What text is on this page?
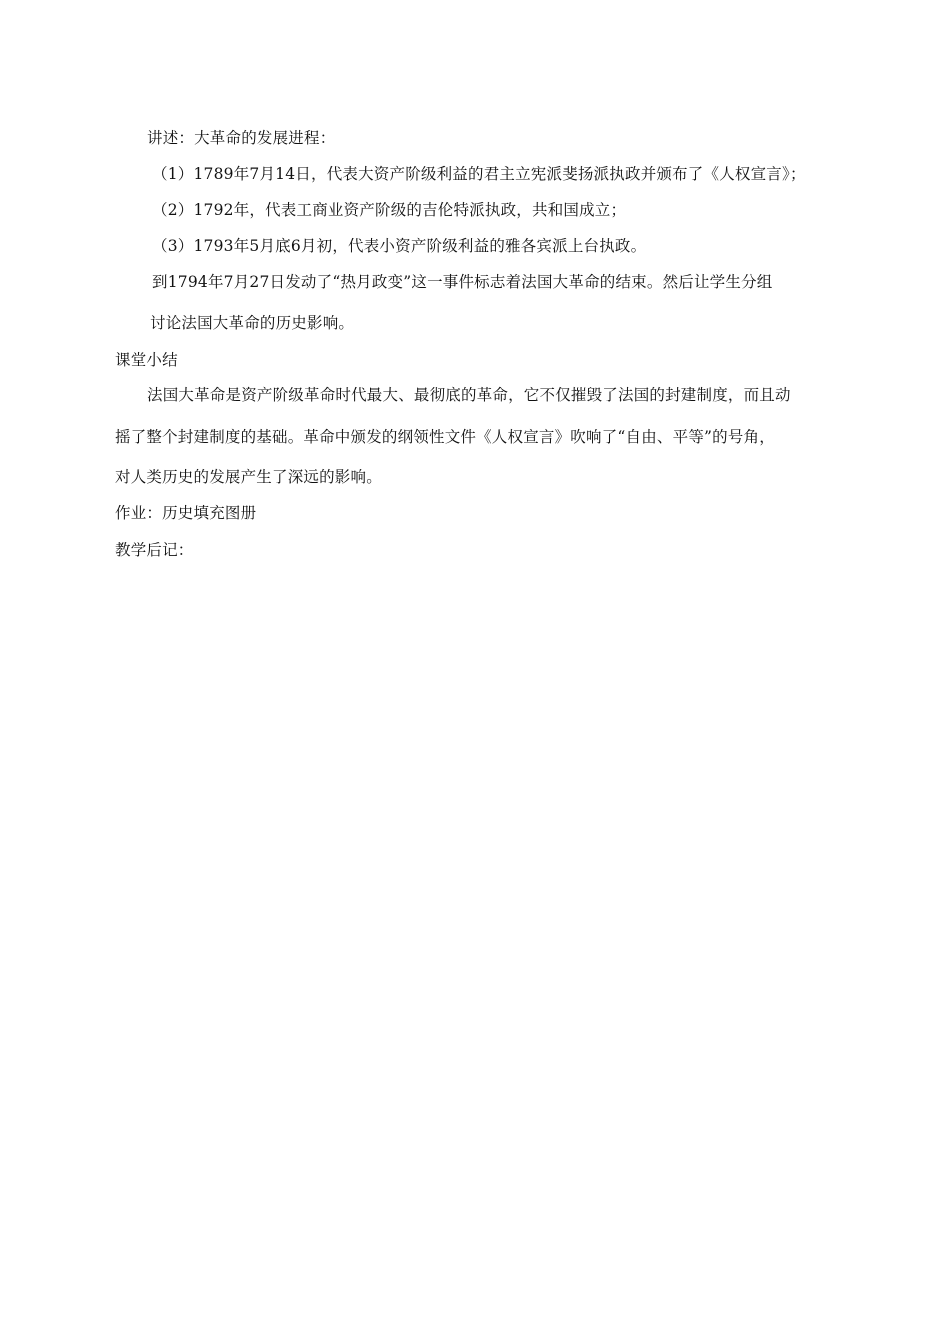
讲述：大革命的发展进程：
（1）1789年7月14日，代表大资产阶级利益的君主立宪派斐扬派执政并颁布了《人权宣言》；
（2）1792年，代表工商业资产阶级的吉伦特派执政，共和国成立；
（3）1793年5月底6月初，代表小资产阶级利益的雅各宾派上台执政。
到1794年7月27日发动了“热月政变”这一事件标志着法国大革命的结束。然后让学生分组
讨论法国大革命的历史影响。
课堂小结
法国大革命是资产阶级革命时代最大、最彻底的革命，它不仅摧毁了法国的封建制度，而且动
摇了整个封建制度的基础。革命中颁发的纲领性文件《人权宣言》吹响了“自由、平等”的号角，
对人类历史的发展产生了深远的影响。
作业：历史填充图册
教学后记：
